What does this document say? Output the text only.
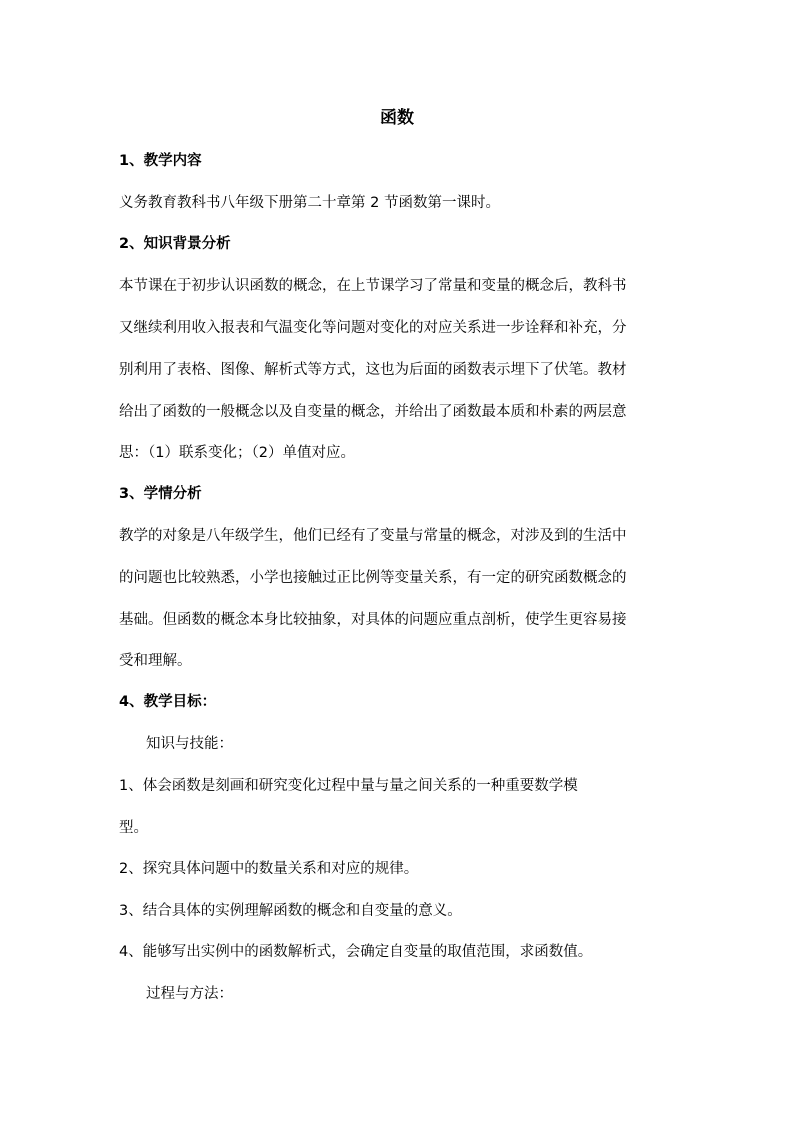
函数
1、教学内容
义务教育教科书八年级下册第二十章第 2 节函数第一课时。
2、知识背景分析
本节课在于初步认识函数的概念，在上节课学习了常量和变量的概念后，教科书
又继续利用收入报表和气温变化等问题对变化的对应关系进一步诠释和补充，分
别利用了表格、图像、解析式等方式，这也为后面的函数表示埋下了伏笔。教材
给出了函数的一般概念以及自变量的概念，并给出了函数最本质和朴素的两层意
思：（1）联系变化；（2）单值对应。
3、学情分析
教学的对象是八年级学生，他们已经有了变量与常量的概念，对涉及到的生活中
的问题也比较熟悉，小学也接触过正比例等变量关系，有一定的研究函数概念的
基础。但函数的概念本身比较抽象，对具体的问题应重点剖析，使学生更容易接
受和理解。
4、教学目标：
知识与技能：
1、体会函数是刻画和研究变化过程中量与量之间关系的一种重要数学模
型。
2、探究具体问题中的数量关系和对应的规律。
3、结合具体的实例理解函数的概念和自变量的意义。
4、能够写出实例中的函数解析式，会确定自变量的取值范围，求函数值。
过程与方法：
